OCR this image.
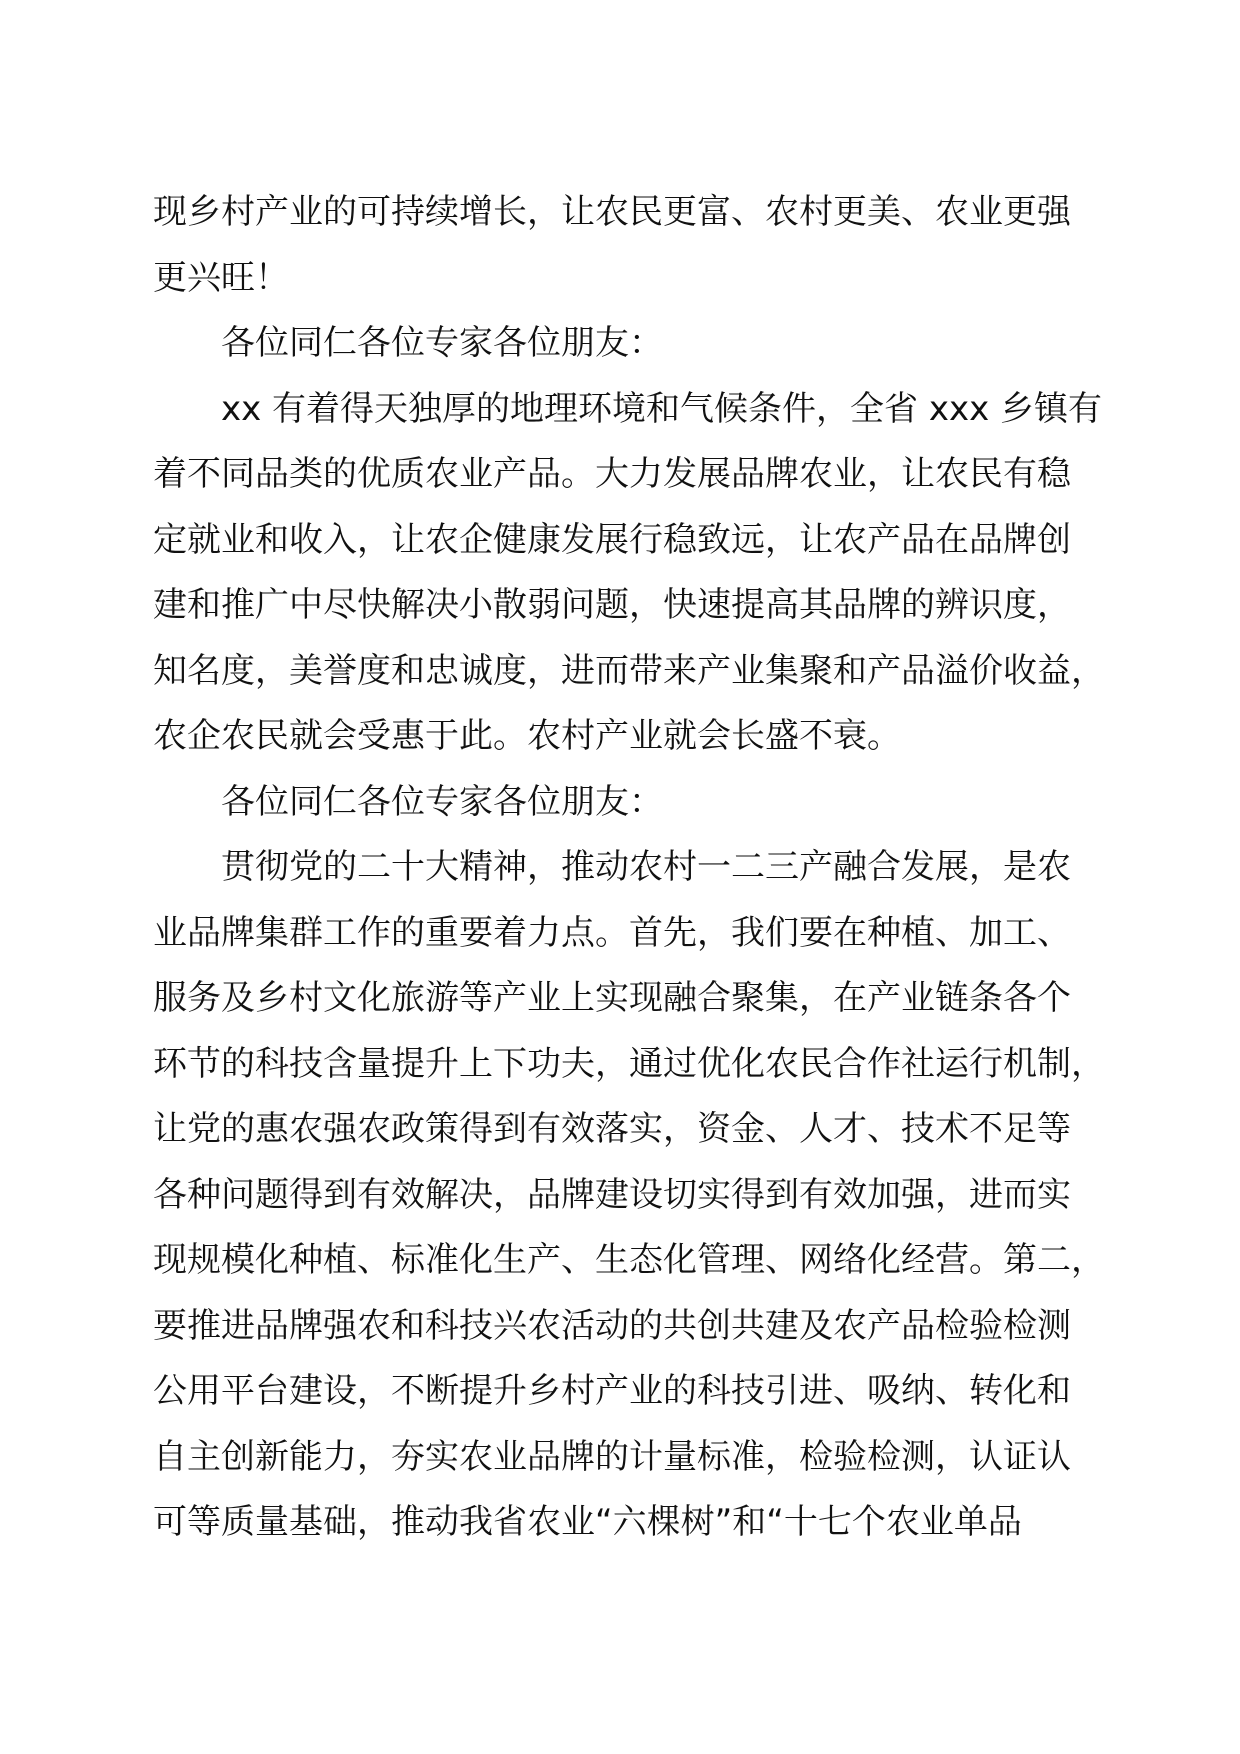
现乡村产业的可持续增长，让农民更富、农村更美、农业更强
更兴旺！
各位同仁各位专家各位朋友：
xx 有着得天独厚的地理环境和气候条件，全省 xxx 乡镇有
着不同品类的优质农业产品。大力发展品牌农业，让农民有稳
定就业和收入，让农企健康发展行稳致远，让农产品在品牌创
建和推广中尽快解决小散弱问题，快速提高其品牌的辨识度，
知名度，美誉度和忠诚度，进而带来产业集聚和产品溢价收益，
农企农民就会受惠于此。农村产业就会长盛不衰。
各位同仁各位专家各位朋友：
贯彻党的二十大精神，推动农村一二三产融合发展，是农
业品牌集群工作的重要着力点。首先，我们要在种植、加工、
服务及乡村文化旅游等产业上实现融合聚集，在产业链条各个
环节的科技含量提升上下功夫，通过优化农民合作社运行机制，
让党的惠农强农政策得到有效落实，资金、人才、技术不足等
各种问题得到有效解决，品牌建设切实得到有效加强，进而实
现规模化种植、标准化生产、生态化管理、网络化经营。第二，
要推进品牌强农和科技兴农活动的共创共建及农产品检验检测
公用平台建设，不断提升乡村产业的科技引进、吸纳、转化和
自主创新能力，夯实农业品牌的计量标准，检验检测，认证认
可等质量基础，推动我省农业“六棵树”和“十七个农业单品
